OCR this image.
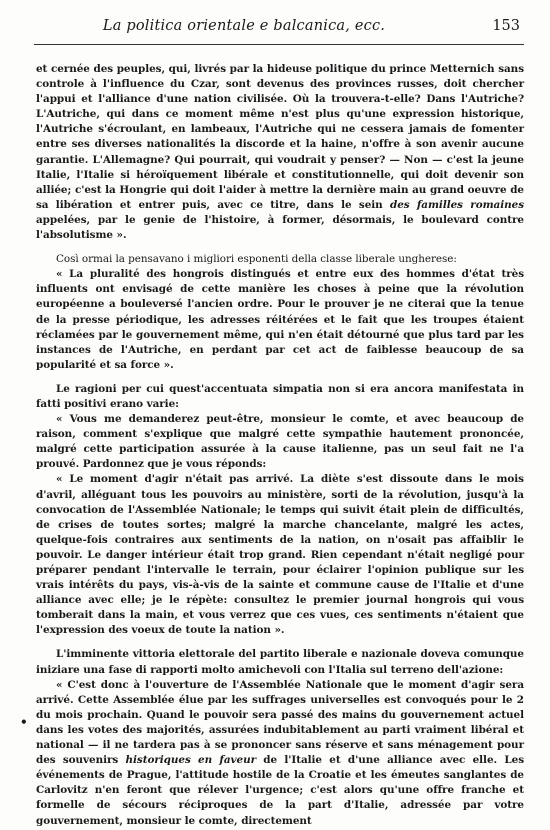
La politica orientale e balcanica, ecc.	153

et cernée des peuples, qui, livrés par la hideuse politique du prince Metternich sans controle à l'influence du Czar, sont devenus des provinces russes, doit chercher l'appui et l'alliance d'une nation civilisée. Où la trouvera-t-elle? Dans l'Autriche? L'Autriche, qui dans ce moment même n'est plus qu'une expression historique, l'Autriche s'écroulant, en lambeaux, l'Autriche qui ne cessera jamais de fomenter entre ses diverses nationalités la discorde et la haine, n'offre à son avenir aucune garantie. L'Allemagne? Qui pourrait, qui voudrait y penser? — Non — c'est la jeune Italie, l'Italie si héroïquement libérale et constitutionnelle, qui doit devenir son alliée; c'est la Hongrie qui doit l'aider à mettre la dernière main au grand oeuvre de sa libération et entrer puis, avec ce titre, dans le sein des familles romaines appelées, par le genie de l'histoire, à former, désormais, le boulevard contre l'absolutisme ».

Così ormai la pensavano i migliori esponenti della classe liberale ungherese:

« La pluralité des hongrois distingués et entre eux des hommes d'état très influents ont envisagé de cette manière les choses à peine que la révolution européenne a bouleversé l'ancien ordre. Pour le prouver je ne citerai que la tenue de la presse périodique, les adresses réitérées et le fait que les troupes étaient réclamées par le gouvernement même, qui n'en était détourné que plus tard par les instances de l'Autriche, en perdant par cet act de faiblesse beaucoup de sa popularité et sa force ».

Le ragioni per cui quest'accentuata simpatia non si era ancora manifestata in fatti positivi erano varie:

« Vous me demanderez peut-être, monsieur le comte, et avec beaucoup de raison, comment s'explique que malgré cette sympathie hautement prononcée, malgré cette participation assurée à la cause italienne, pas un seul fait ne l'a prouvé. Pardonnez que je vous réponds:

« Le moment d'agir n'était pas arrivé. La diète s'est dissoute dans le mois d'avril, alléguant tous les pouvoirs au ministère, sorti de la révolution, jusqu'à la convocation de l'Assemblée Nationale; le temps qui suivit était plein de difficultés, de crises de toutes sortes; malgré la marche chancelante, malgré les actes, quelque-fois contraires aux sentiments de la nation, on n'osait pas affaiblir le pouvoir. Le danger intérieur était trop grand. Rien cependant n'était negligé pour préparer pendant l'intervalle le terrain, pour éclairer l'opinion publique sur les vrais intérêts du pays, vis-à-vis de la sainte et commune cause de l'Italie et d'une alliance avec elle; je le répète: consultez le premier journal hongrois qui vous tomberait dans la main, et vous verrez que ces vues, ces sentiments n'étaient que l'expression des voeux de toute la nation ».

L'imminente vittoria elettorale del partito liberale e nazionale doveva comunque iniziare una fase di rapporti molto amichevoli con l'Italia sul terreno dell'azione:

« C'est donc à l'ouverture de l'Assemblée Nationale que le moment d'agir sera arrivé. Cette Assemblée élue par les suffrages universelles est convoqués pour le 2 du mois prochain. Quand le pouvoir sera passé des mains du gouvernement actuel dans les votes des majorités, assurées indubitablement au parti vraiment libéral et national — il ne tardera pas à se prononcer sans réserve et sans ménagement pour des souvenirs historiques en faveur de l'Italie et d'une alliance avec elle. Les événements de Prague, l'attitude hostile de la Croatie et les émeutes sanglantes de Carlovitz n'en feront que rélever l'urgence; c'est alors qu'une offre franche et formelle de sécours réciproques de la part d'Italie, adressée par votre gouvernement, monsieur le comte, directement

•
